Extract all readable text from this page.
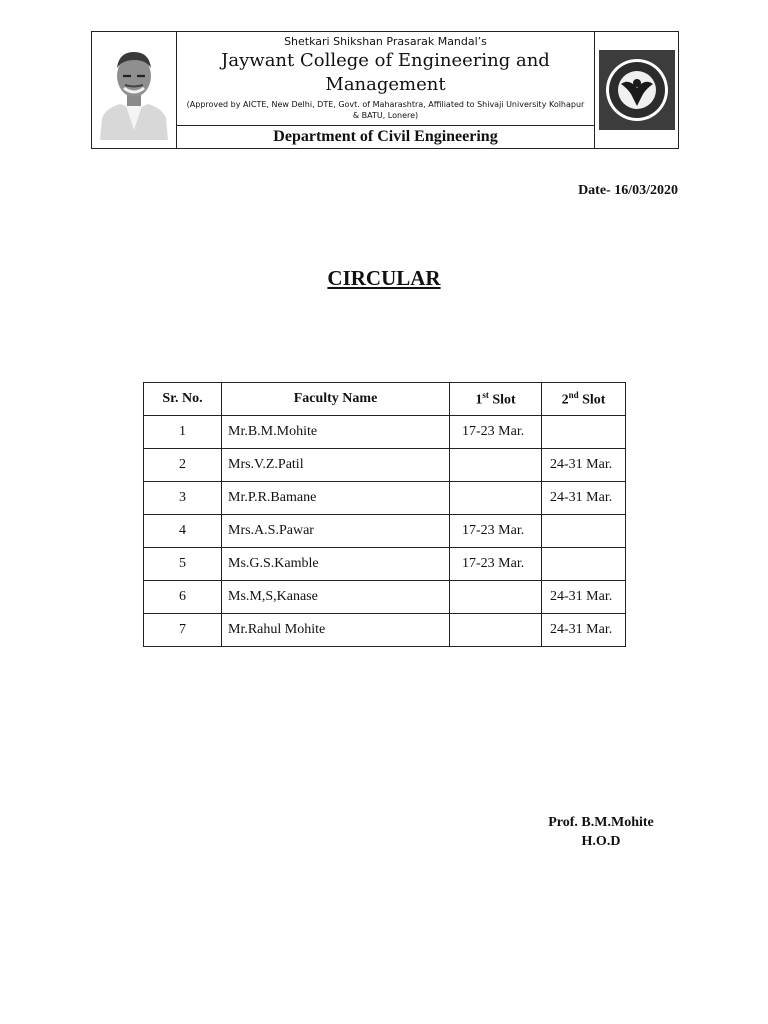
Shetkari Shikshan Prasarak Mandal’s
Jaywant College of Engineering and
Management
(Approved by AICTE, New Delhi, DTE, Govt. of Maharashtra, Affiliated to Shivaji University Kolhapur & BATU, Lonere)
Department of Civil Engineering
Date- 16/03/2020
CIRCULAR
Sr. No.	Faculty Name	1st Slot	2nd Slot
1	Mr.B.M.Mohite	17-23 Mar.	
2	Mrs.V.Z.Patil		24-31 Mar.
3	Mr.P.R.Bamane		24-31 Mar.
4	Mrs.A.S.Pawar	17-23 Mar.	
5	Ms.G.S.Kamble	17-23 Mar.	
6	Ms.M,S,Kanase		24-31 Mar.
7	Mr.Rahul Mohite		24-31 Mar.
Prof. B.M.Mohite
H.O.D
